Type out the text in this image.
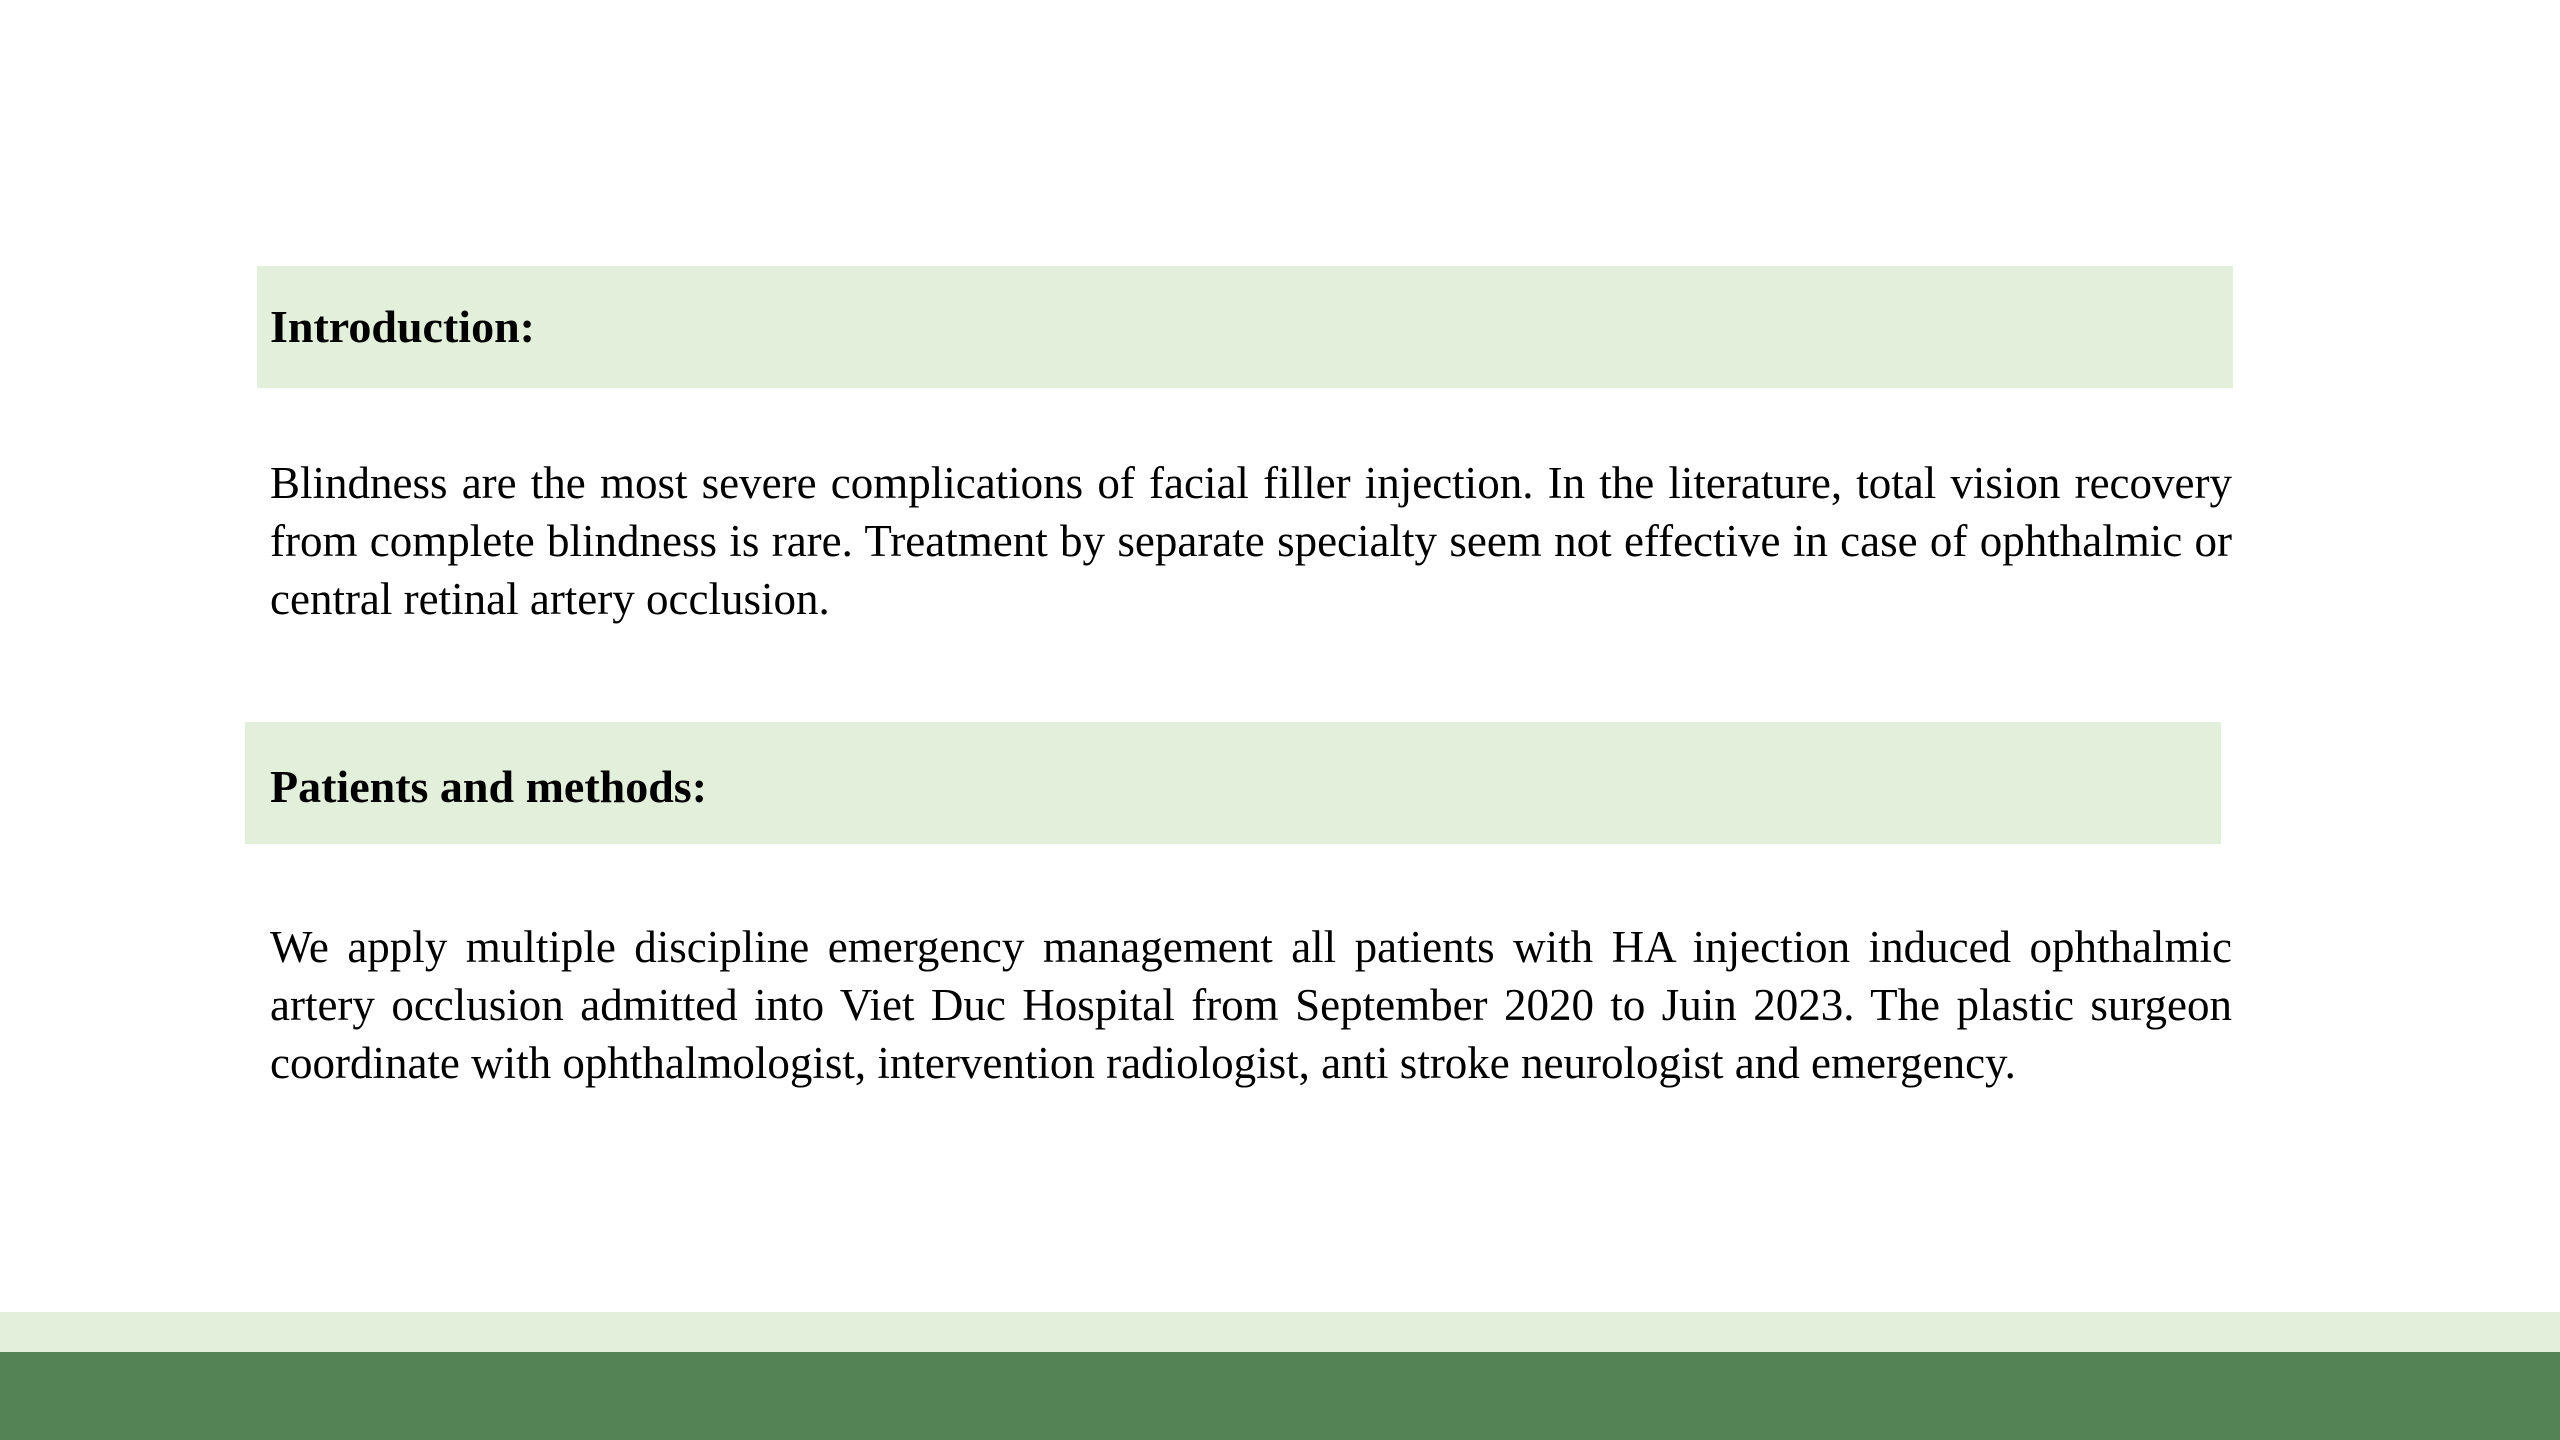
Introduction:

Blindness are the most severe complications of facial filler injection. In the literature, total vision recovery from complete blindness is rare. Treatment by separate specialty seem not effective in case of ophthalmic or central retinal artery occlusion.

Patients and methods:

We apply multiple discipline emergency management all patients with HA injection induced ophthalmic artery occlusion admitted into Viet Duc Hospital from September 2020 to Juin 2023. The plastic surgeon coordinate with ophthalmologist, intervention radiologist, anti stroke neurologist and emergency.
